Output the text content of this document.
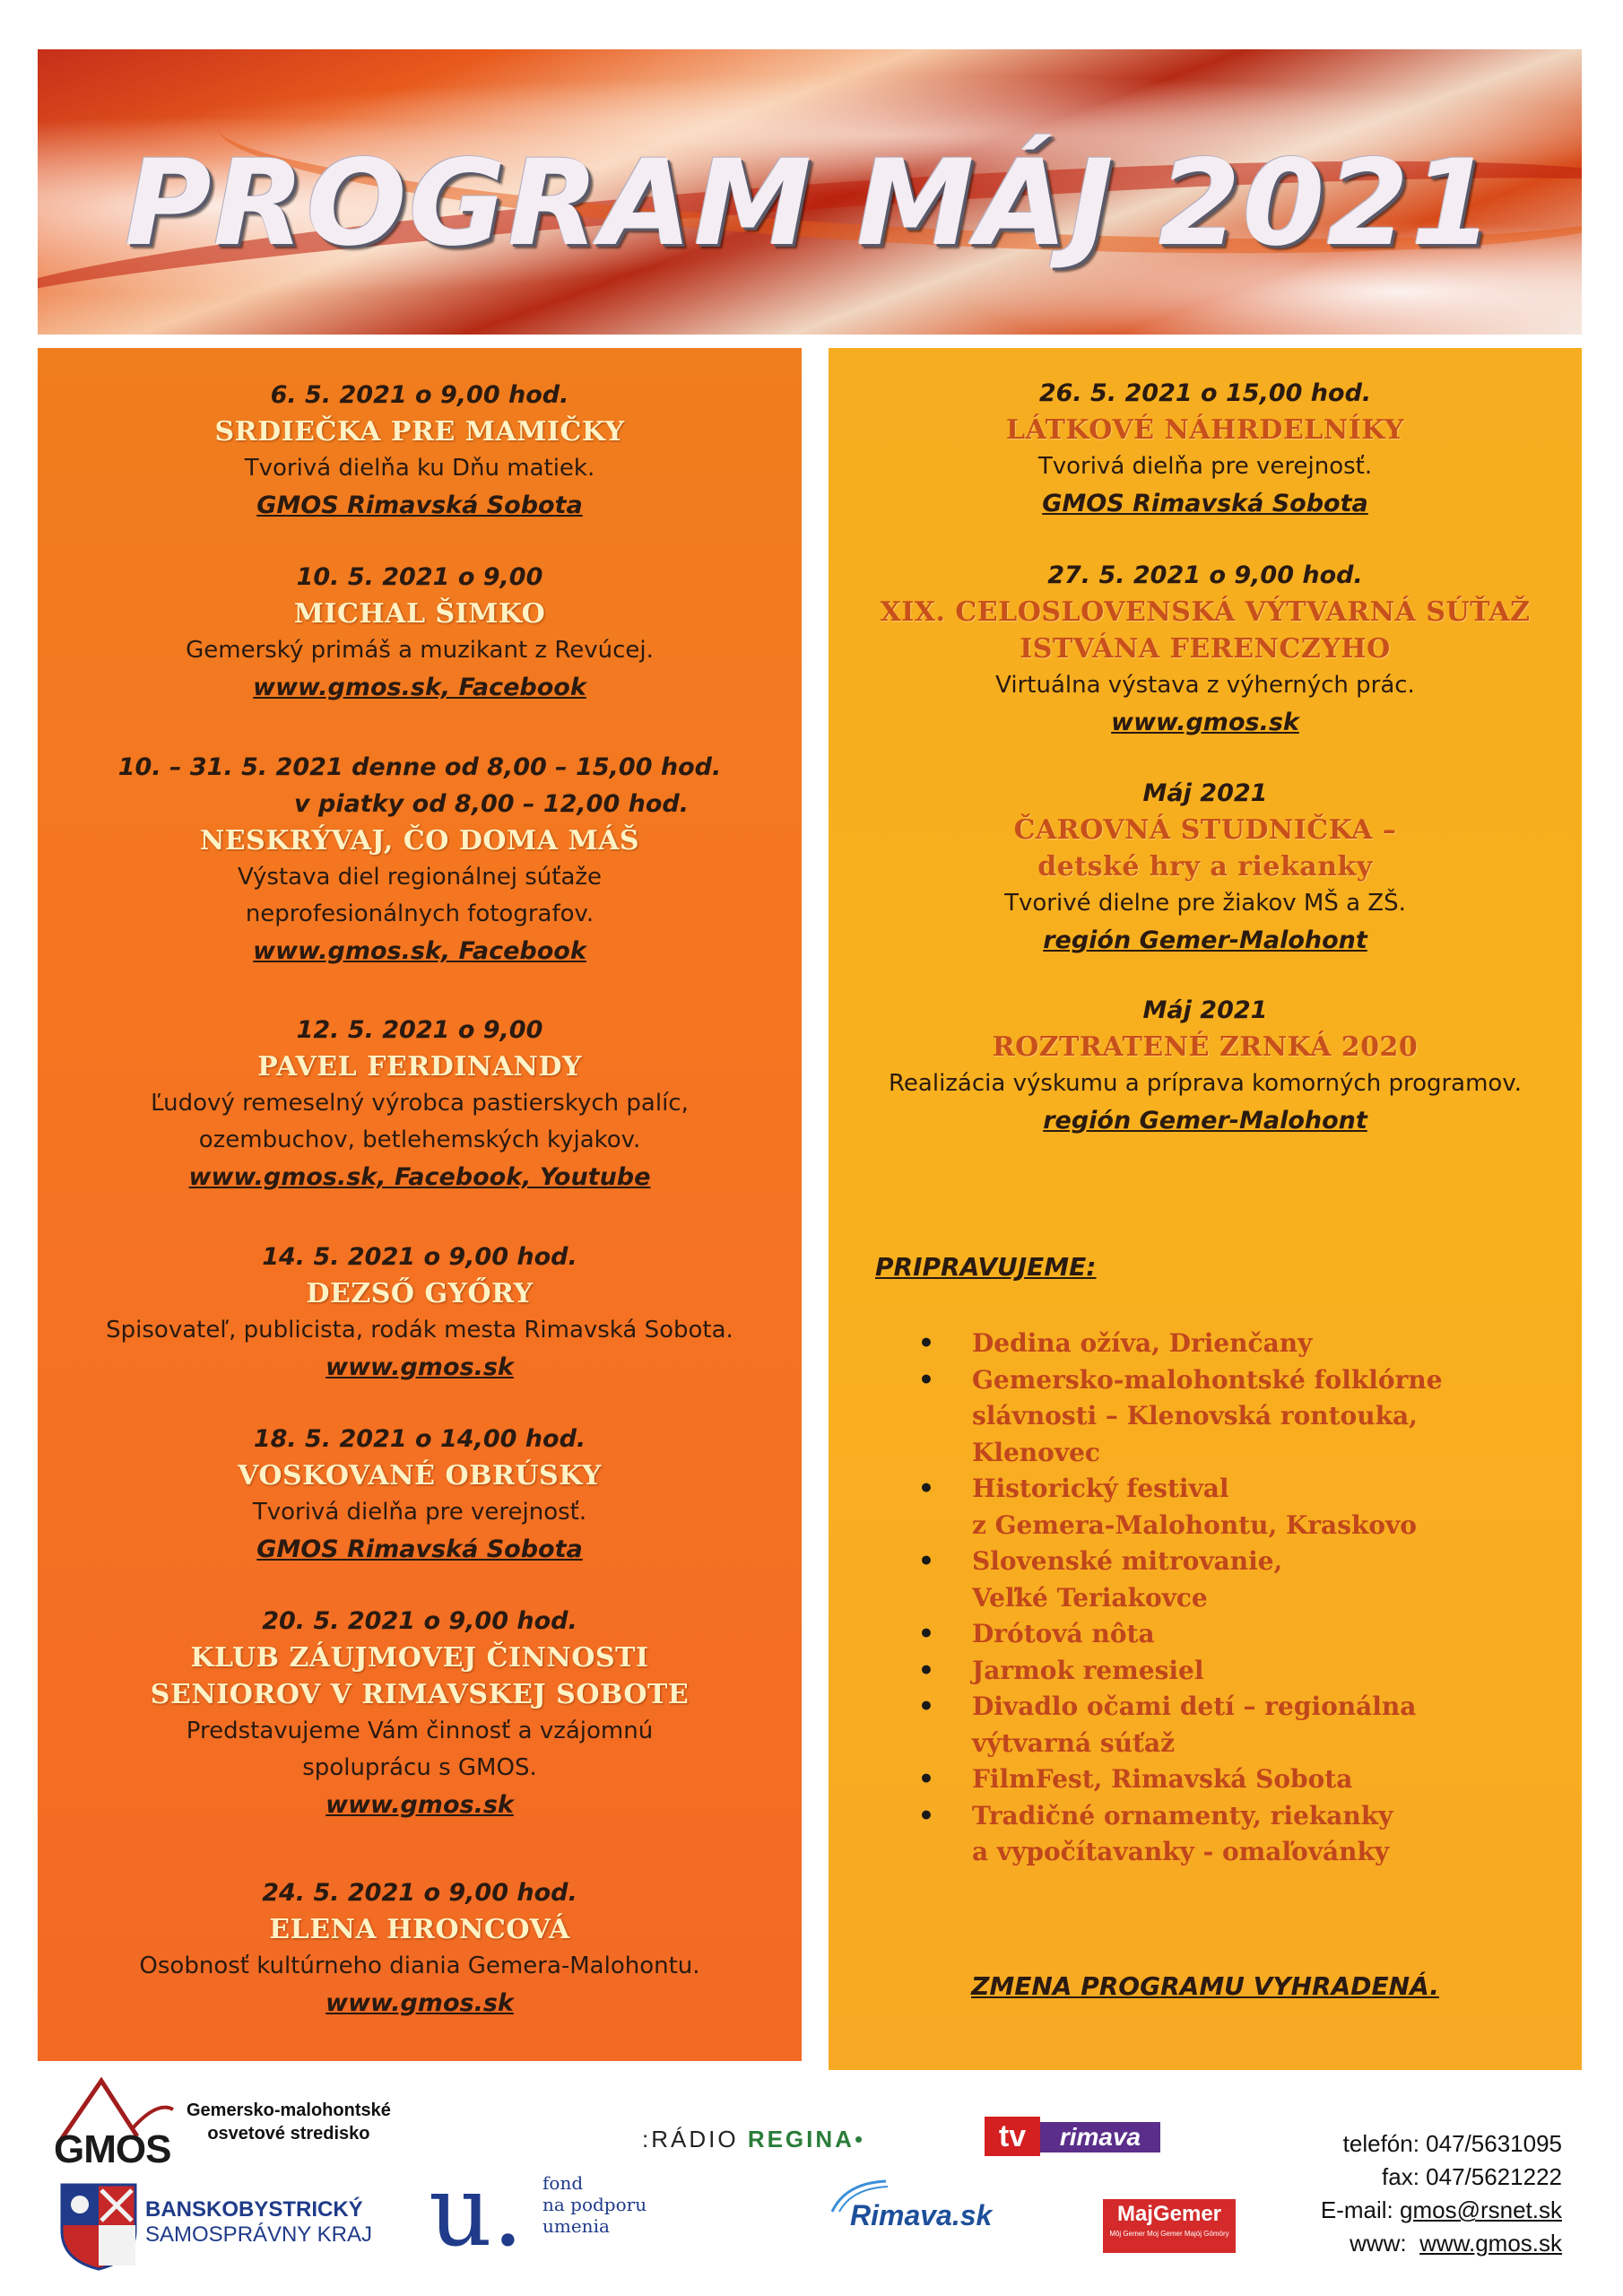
PROGRAM MÁJ 2021
6. 5. 2021 o 9,00 hod.
SRDIEČKA PRE MAMIČKY
Tvorivá dielňa ku Dňu matiek.
GMOS Rimavská Sobota
10. 5. 2021 o 9,00
MICHAL ŠIMKO
Gemerský primáš a muzikant z Revúcej.
www.gmos.sk, Facebook
10. – 31. 5. 2021 denne od 8,00 – 15,00 hod.
v piatky od 8,00 – 12,00 hod.
NESKRÝVAJ, ČO DOMA MÁŠ
Výstava diel regionálnej súťaže
neprofesionálnych fotografov.
www.gmos.sk, Facebook
12. 5. 2021 o 9,00
PAVEL FERDINANDY
Ľudový remeselný výrobca pastierskych palíc,
ozembuchov, betlehemských kyjakov.
www.gmos.sk, Facebook, Youtube
14. 5. 2021 o 9,00 hod.
DEZSŐ GYŐRY
Spisovateľ, publicista, rodák mesta Rimavská Sobota.
www.gmos.sk
18. 5. 2021 o 14,00 hod.
VOSKOVANÉ OBRÚSKY
Tvorivá dielňa pre verejnosť.
GMOS Rimavská Sobota
20. 5. 2021 o 9,00 hod.
KLUB ZÁUJMOVEJ ČINNOSTI
SENIOROV V RIMAVSKEJ SOBOTE
Predstavujeme Vám činnosť a vzájomnú
spoluprácu s GMOS.
www.gmos.sk
24. 5. 2021 o 9,00 hod.
ELENA HRONCOVÁ
Osobnosť kultúrneho diania Gemera-Malohontu.
www.gmos.sk
26. 5. 2021 o 15,00 hod.
LÁTKOVÉ NÁHRDELNÍKY
Tvorivá dielňa pre verejnosť.
GMOS Rimavská Sobota
27. 5. 2021 o 9,00 hod.
XIX. CELOSLOVENSKÁ VÝTVARNÁ SÚŤAŽ
ISTVÁNA FERENCZYHO
Virtuálna výstava z výherných prác.
www.gmos.sk
Máj 2021
ČAROVNÁ STUDNIČKA –
detské hry a riekanky
Tvorivé dielne pre žiakov MŠ a ZŠ.
región Gemer-Malohont
Máj 2021
ROZTRATENÉ ZRNKÁ 2020
Realizácia výskumu a príprava komorných programov.
región Gemer-Malohont
PRIPRAVUJEME:
• Dedina ožíva, Drienčany
• Gemersko-malohontské folklórne
slávnosti – Klenovská rontouka,
Klenovec
• Historický festival
z Gemera-Malohontu, Kraskovo
• Slovenské mitrovanie,
Veľké Teriakovce
• Drótová nôta
• Jarmok remesiel
• Divadlo očami detí – regionálna
výtvarná súťaž
• FilmFest, Rimavská Sobota
• Tradičné ornamenty, riekanky
a vypočítavanky - omaľovánky
ZMENA PROGRAMU VYHRADENÁ.
GMOS
Gemersko-malohontské
osvetové stredisko
BANSKOBYSTRICKÝ
SAMOSPRÁVNY KRAJ u. fond
na podporu
umenia
:RÁDIO REGINA•	tv	rimava
Rimava.sk	MajGemer
Môj Gemer Moj Gemer Majój Gömöry
telefón: 047/5631095
fax: 047/5621222
E-mail: gmos@rsnet.sk
www: www.gmos.sk
